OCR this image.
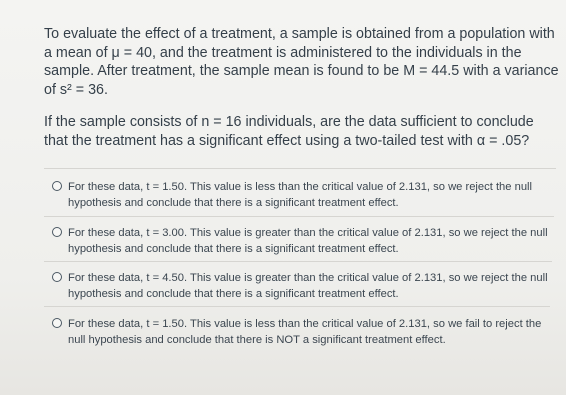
To evaluate the effect of a treatment, a sample is obtained from a population with a mean of μ = 40, and the treatment is administered to the individuals in the sample. After treatment, the sample mean is found to be M = 44.5 with a variance of s² = 36.

If the sample consists of n = 16 individuals, are the data sufficient to conclude that the treatment has a significant effect using a two-tailed test with α = .05?

For these data, t = 1.50. This value is less than the critical value of 2.131, so we reject the null hypothesis and conclude that there is a significant treatment effect.
For these data, t = 3.00. This value is greater than the critical value of 2.131, so we reject the null hypothesis and conclude that there is a significant treatment effect.
For these data, t = 4.50. This value is greater than the critical value of 2.131, so we reject the null hypothesis and conclude that there is a significant treatment effect.
For these data, t = 1.50. This value is less than the critical value of 2.131, so we fail to reject the null hypothesis and conclude that there is NOT a significant treatment effect.
